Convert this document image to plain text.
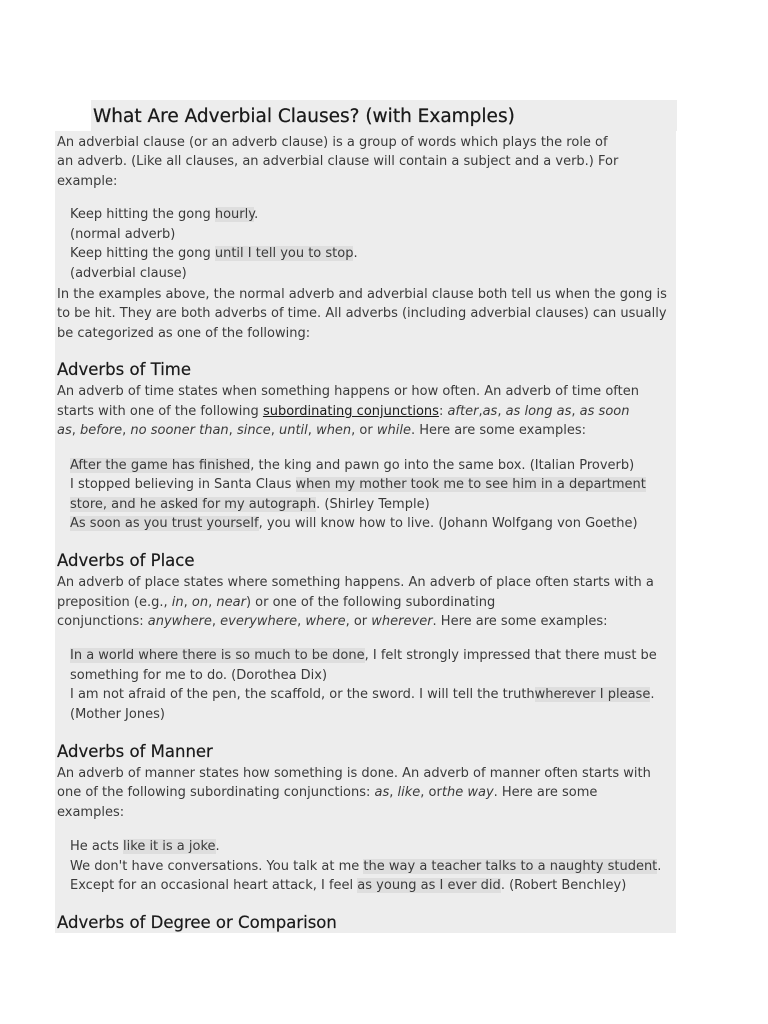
What Are Adverbial Clauses? (with Examples)
An adverbial clause (or an adverb clause) is a group of words which plays the role of
an adverb. (Like all clauses, an adverbial clause will contain a subject and a verb.) For
example:
Keep hitting the gong hourly.
(normal adverb)
Keep hitting the gong until I tell you to stop.
(adverbial clause)
In the examples above, the normal adverb and adverbial clause both tell us when the gong is
to be hit. They are both adverbs of time. All adverbs (including adverbial clauses) can usually
be categorized as one of the following:
Adverbs of Time
An adverb of time states when something happens or how often. An adverb of time often
starts with one of the following subordinating conjunctions: after,as, as long as, as soon
as, before, no sooner than, since, until, when, or while. Here are some examples:
After the game has finished, the king and pawn go into the same box. (Italian Proverb)
I stopped believing in Santa Claus when my mother took me to see him in a department
store, and he asked for my autograph. (Shirley Temple)
As soon as you trust yourself, you will know how to live. (Johann Wolfgang von Goethe)
Adverbs of Place
An adverb of place states where something happens. An adverb of place often starts with a
preposition (e.g., in, on, near) or one of the following subordinating
conjunctions: anywhere, everywhere, where, or wherever. Here are some examples:
In a world where there is so much to be done, I felt strongly impressed that there must be
something for me to do. (Dorothea Dix)
I am not afraid of the pen, the scaffold, or the sword. I will tell the truthwherever I please.
(Mother Jones)
Adverbs of Manner
An adverb of manner states how something is done. An adverb of manner often starts with
one of the following subordinating conjunctions: as, like, orthe way. Here are some
examples:
He acts like it is a joke.
We don't have conversations. You talk at me the way a teacher talks to a naughty student.
Except for an occasional heart attack, I feel as young as I ever did. (Robert Benchley)
Adverbs of Degree or Comparison
